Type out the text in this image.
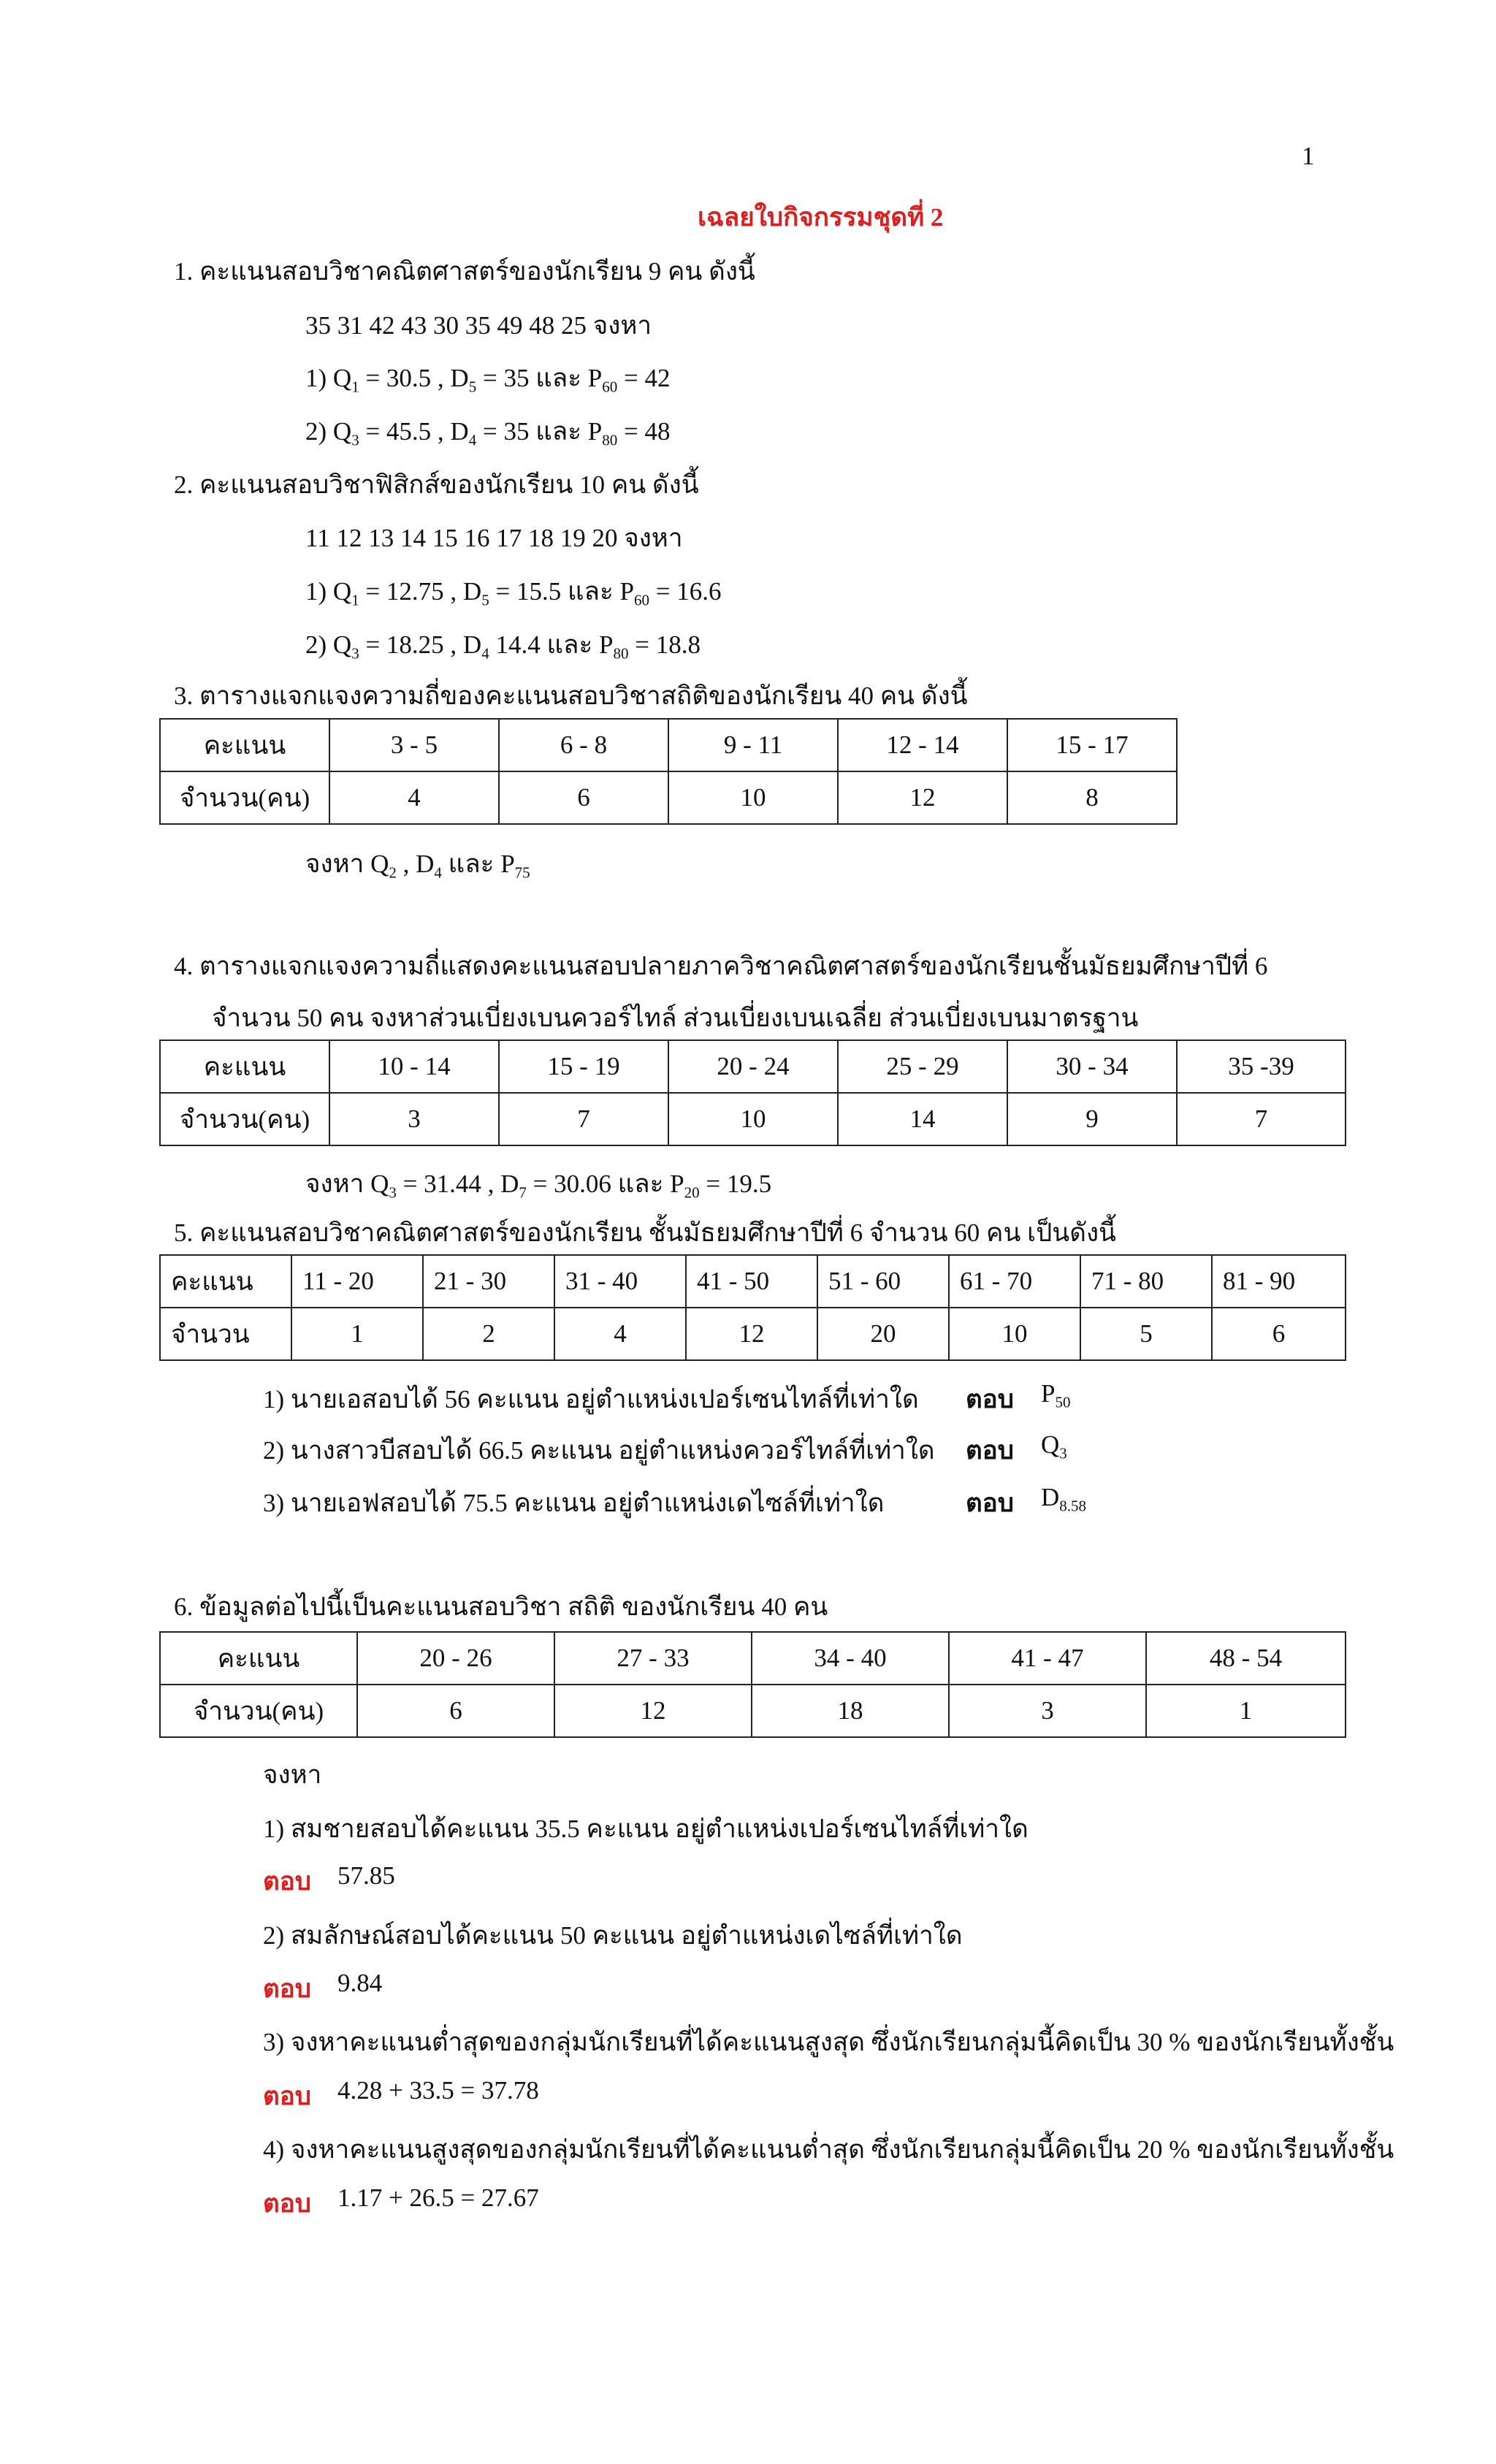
1
เฉลยใบกิจกรรมชุดที่ 2
1. คะแนนสอบวิชาคณิตศาสตร์ของนักเรียน 9 คน ดังนี้
35 31 42 43 30 35 49 48 25 จงหา
1) $Q_1 = 30.5$ , $D_5 = 35$ และ $P_{60} = 42$
2) $Q_3 = 45.5$ , $D_4 = 35$ และ $P_{80} = 48$
2. คะแนนสอบวิชาฟิสิกส์ของนักเรียน 10 คน ดังนี้
11 12 13 14 15 16 17 18 19 20 จงหา
1) $Q_1 = 12.75$ , $D_5 = 15.5$ และ $P_{60} = 16.6$
2) $Q_3 = 18.25$ , $D_4$ 14.4 และ $P_{80} = 18.8$
3. ตารางแจกแจงความถี่ของคะแนนสอบวิชาสถิติของนักเรียน 40 คน ดังนี้
คะแนน	3 - 5	6 - 8	9 - 11	12 - 14	15 - 17
จำนวน(คน)	4	6	10	12	8
จงหา $Q_2$ , $D_4$ และ $P_{75}$
4. ตารางแจกแจงความถี่แสดงคะแนนสอบปลายภาควิชาคณิตศาสตร์ของนักเรียนชั้นมัธยมศึกษาปีที่ 6
จำนวน 50 คน จงหาส่วนเบี่ยงเบนควอร์ไทล์ ส่วนเบี่ยงเบนเฉลี่ย ส่วนเบี่ยงเบนมาตรฐาน
คะแนน	10 - 14	15 - 19	20 - 24	25 - 29	30 - 34	35 -39
จำนวน(คน)	3	7	10	14	9	7
จงหา $Q_3 = 31.44$ , $D_7 = 30.06$ และ $P_{20} = 19.5$
5. คะแนนสอบวิชาคณิตศาสตร์ของนักเรียน ชั้นมัธยมศึกษาปีที่ 6 จำนวน 60 คน เป็นดังนี้
คะแนน	11 - 20	21 - 30	31 - 40	41 - 50	51 - 60	61 - 70	71 - 80	81 - 90
จำนวน	1	2	4	12	20	10	5	6
1) นายเอสอบได้ 56 คะแนน อยู่ตำแหน่งเปอร์เซนไทล์ที่เท่าใด ตอบ $P_{50}$
2) นางสาวบีสอบได้ 66.5 คะแนน อยู่ตำแหน่งควอร์ไทล์ที่เท่าใด ตอบ $Q_3$
3) นายเอฟสอบได้ 75.5 คะแนน อยู่ตำแหน่งเดไซล์ที่เท่าใด	ตอบ $D_{8.58}$
6. ข้อมูลต่อไปนี้เป็นคะแนนสอบวิชา สถิติ ของนักเรียน 40 คน
คะแนน	20 - 26	27 - 33	34 - 40	41 - 47	48 - 54
จำนวน(คน)	6	12	18	3	1
จงหา
1) สมชายสอบได้คะแนน 35.5 คะแนน อยู่ตำแหน่งเปอร์เซนไทล์ที่เท่าใด
ตอบ 57.85
2) สมลักษณ์สอบได้คะแนน 50 คะแนน อยู่ตำแหน่งเดไซล์ที่เท่าใด
ตอบ 9.84
3) จงหาคะแนนต่ำสุดของกลุ่มนักเรียนที่ได้คะแนนสูงสุด ซึ่งนักเรียนกลุ่มนี้คิดเป็น 30 % ของนักเรียนทั้งชั้น
ตอบ 4.28 + 33.5 = 37.78
4) จงหาคะแนนสูงสุดของกลุ่มนักเรียนที่ได้คะแนนต่ำสุด ซึ่งนักเรียนกลุ่มนี้คิดเป็น 20 % ของนักเรียนทั้งชั้น
ตอบ 1.17 + 26.5 = 27.67
